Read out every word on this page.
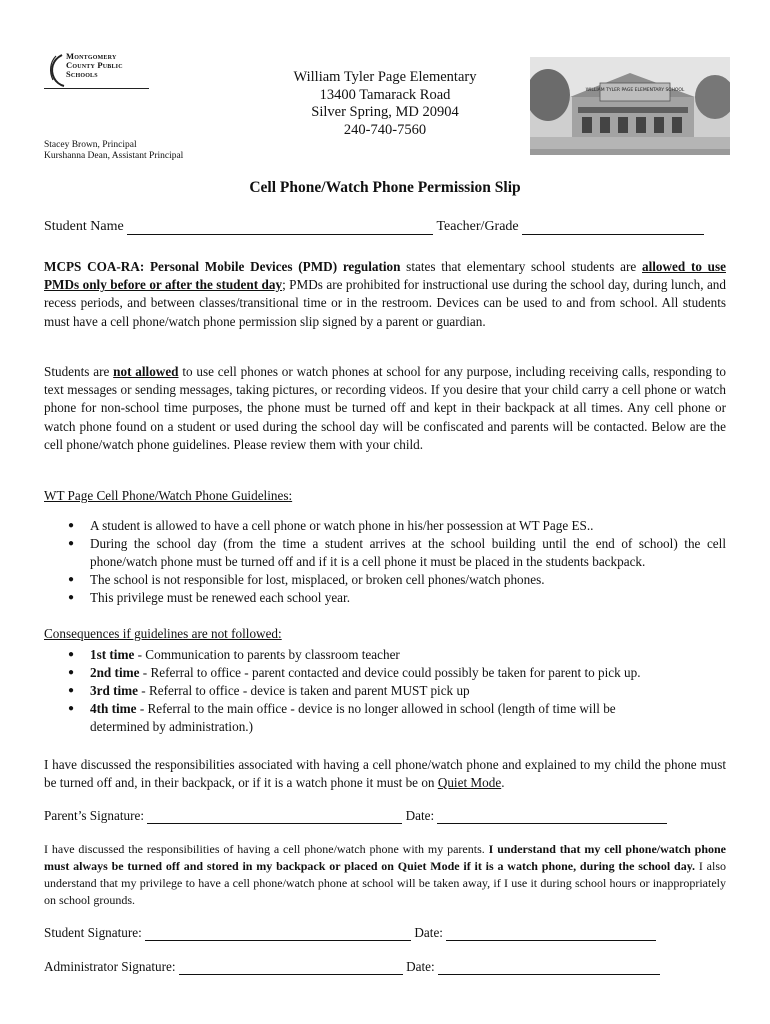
Montgomery
County Public
Schools
Stacey Brown, Principal
Kurshanna Dean, Assistant Principal
William Tyler Page Elementary
13400 Tamarack Road
Silver Spring, MD 20904
240-740-7560
WILLIAM TYLER PAGE ELEMENTARY SCHOOL
Cell Phone/Watch Phone Permission Slip
Student Name	Teacher/Grade
MCPS COA-RA: Personal Mobile Devices (PMD) regulation states that elementary school students are allowed to use PMDs only before or after the student day; PMDs are prohibited for instructional use during the school day, during lunch, and recess periods, and between classes/transitional time or in the restroom. Devices can be used to and from school. All students must have a cell phone/watch phone permission slip signed by a parent or guardian.
Students are not allowed to use cell phones or watch phones at school for any purpose, including receiving calls, responding to text messages or sending messages, taking pictures, or recording videos. If you desire that your child carry a cell phone or watch phone for non-school time purposes, the phone must be turned off and kept in their backpack at all times. Any cell phone or watch phone found on a student or used during the school day will be confiscated and parents will be contacted. Below are the cell phone/watch phone guidelines. Please review them with your child.
WT Page Cell Phone/Watch Phone Guidelines:
● A student is allowed to have a cell phone or watch phone in his/her possession at WT Page ES..
● During the school day (from the time a student arrives at the school building until the end of school) the cell phone/watch phone must be turned off and if it is a cell phone it must be placed in the students backpack.
● The school is not responsible for lost, misplaced, or broken cell phones/watch phones.
● This privilege must be renewed each school year.
Consequences if guidelines are not followed:
● 1st time - Communication to parents by classroom teacher
● 2nd time - Referral to office - parent contacted and device could possibly be taken for parent to pick up.
● 3rd time - Referral to office - device is taken and parent MUST pick up
● 4th time - Referral to the main office - device is no longer allowed in school (length of time will be determined by administration.)
I have discussed the responsibilities associated with having a cell phone/watch phone and explained to my child the phone must be turned off and, in their backpack, or if it is a watch phone it must be on Quiet Mode.
Parent’s Signature:	Date:
I have discussed the responsibilities of having a cell phone/watch phone with my parents. I understand that my cell phone/watch phone must always be turned off and stored in my backpack or placed on Quiet Mode if it is a watch phone, during the school day. I also understand that my privilege to have a cell phone/watch phone at school will be taken away, if I use it during school hours or inappropriately on school grounds.
Student Signature:	Date:
Administrator Signature:	Date:
